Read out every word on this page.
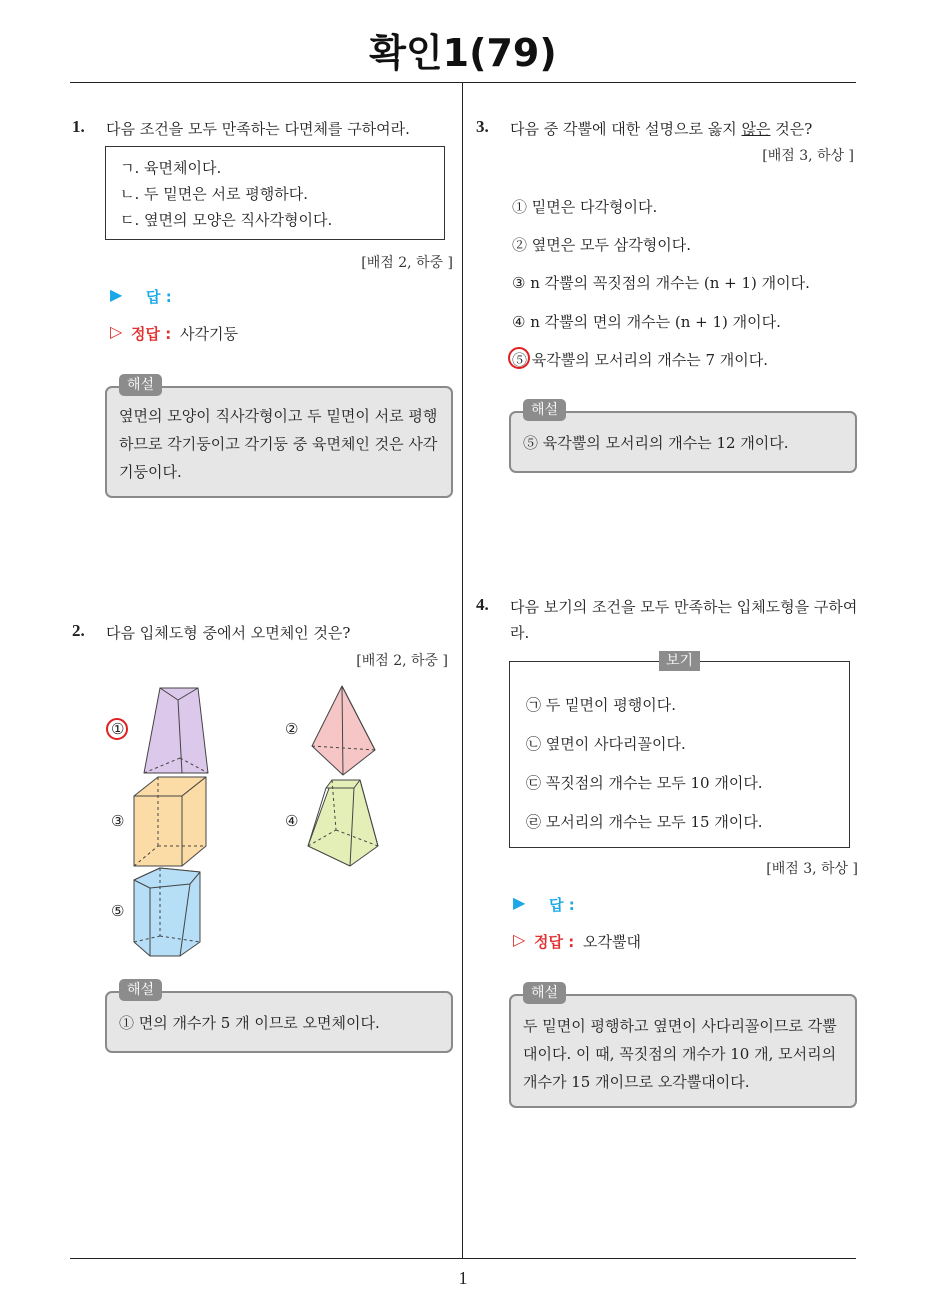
확인1(79)
1. 다음 조건을 모두 만족하는 다면체를 구하여라.
ㄱ. 육면체이다.
ㄴ. 두 밑면은 서로 평행하다.
ㄷ. 옆면의 모양은 직사각형이다.
[배점 2, 하중 ]
▶ 답 :
▷ 정답 : 사각기둥
옆면의 모양이 직사각형이고 두 밑면이 서로 평행
하므로 각기둥이고 각기둥 중 육면체인 것은 사각
기둥이다.
해설
2. 다음 입체도형 중에서 오면체인 것은?
[배점 2, 하중 ]
①	②
③	④
⑤
① 면의 개수가 5 개 이므로 오면체이다.
해설
3. 다음 중 각뿔에 대한 설명으로 옳지 않은 것은?
[배점 3, 하상 ]
① 밑면은 다각형이다.
② 옆면은 모두 삼각형이다.
③ n 각뿔의 꼭짓점의 개수는 (n + 1) 개이다.
④ n 각뿔의 면의 개수는 (n + 1) 개이다.
⑤ 육각뿔의 모서리의 개수는 7 개이다.
⑤ 육각뿔의 모서리의 개수는 12 개이다.
해설
4. 다음 보기의 조건을 모두 만족하는 입체도형을 구하여
라.
㉠ 두 밑면이 평행이다.
㉡ 옆면이 사다리꼴이다.
㉢ 꼭짓점의 개수는 모두 10 개이다.
㉣ 모서리의 개수는 모두 15 개이다.
보기
[배점 3, 하상 ]
▶ 답 :
▷ 정답 : 오각뿔대
두 밑면이 평행하고 옆면이 사다리꼴이므로 각뿔
대이다. 이 때, 꼭짓점의 개수가 10 개, 모서리의
개수가 15 개이므로 오각뿔대이다.
해설
1
